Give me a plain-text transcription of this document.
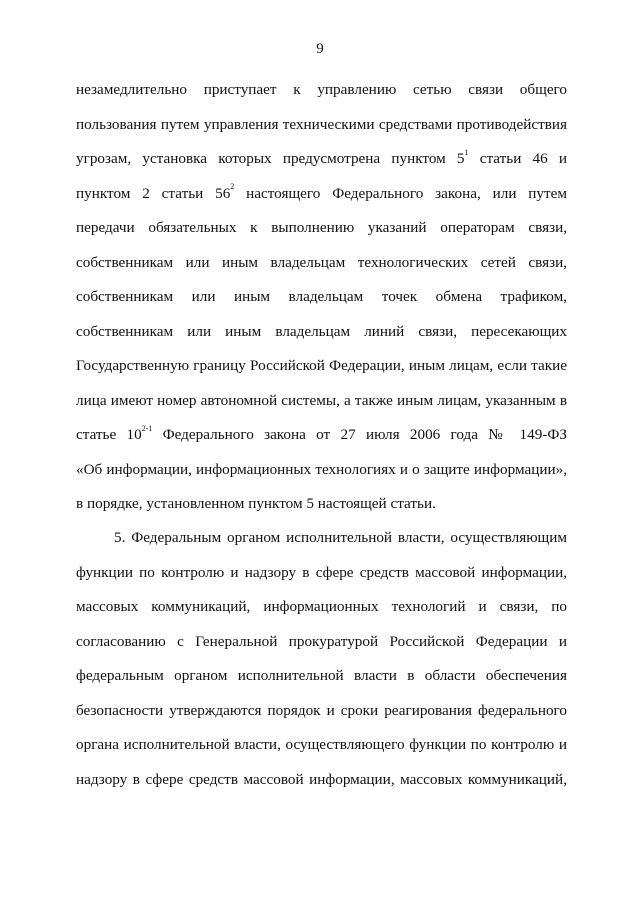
9
незамедлительно приступает к управлению сетью связи общего
пользования путем управления техническими средствами противодействия
угрозам, установка которых предусмотрена пунктом $5^1$ статьи 46 и
пунктом 2 статьи $56^2$ настоящего Федерального закона, или путем
передачи обязательных к выполнению указаний операторам связи,
собственникам или иным владельцам технологических сетей связи,
собственникам или иным владельцам точек обмена трафиком,
собственникам или иным владельцам линий связи, пересекающих
Государственную границу Российской Федерации, иным лицам, если такие
лица имеют номер автономной системы, а также иным лицам, указанным в
статье 10$^{2-1}$ Федерального закона от 27 июля 2006 года № 149-ФЗ
«Об информации, информационных технологиях и о защите информации»,
в порядке, установленном пунктом 5 настоящей статьи.
5. Федеральным органом исполнительной власти, осуществляющим
функции по контролю и надзору в сфере средств массовой информации,
массовых коммуникаций, информационных технологий и связи, по
согласованию с Генеральной прокуратурой Российской Федерации и
федеральным органом исполнительной власти в области обеспечения
безопасности утверждаются порядок и сроки реагирования федерального
органа исполнительной власти, осуществляющего функции по контролю и
надзору в сфере средств массовой информации, массовых коммуникаций,
